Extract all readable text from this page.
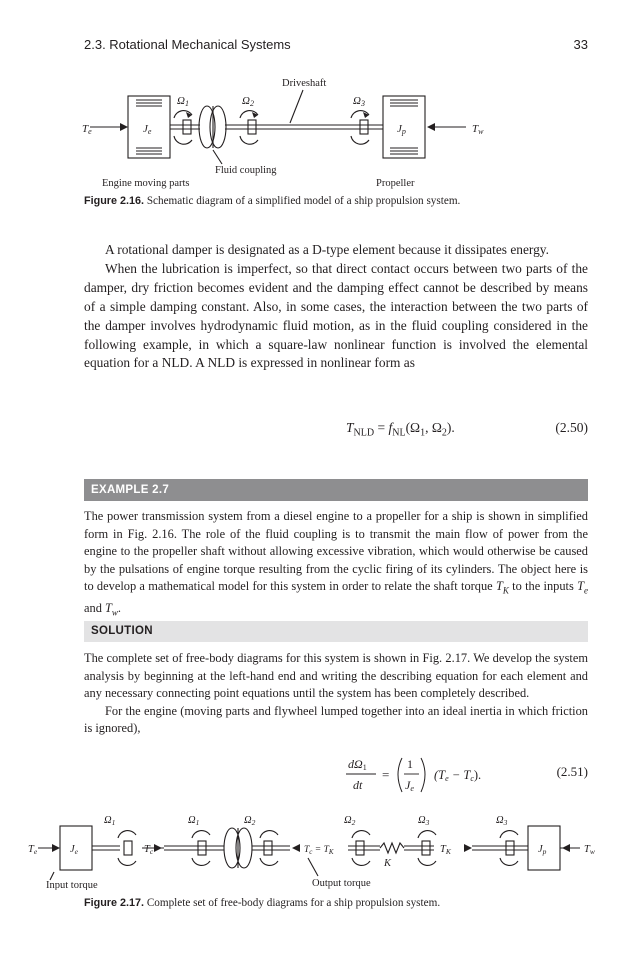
2.3. Rotational Mechanical Systems	33
Driveshaft
Ω1	Ω2	Ω3
Te	Je	Jp	Tw
Fluid coupling
Engine moving parts	Propeller
Figure 2.16. Schematic diagram of a simplified model of a ship propulsion system.

A rotational damper is designated as a D-type element because it dissipates energy.

When the lubrication is imperfect, so that direct contact occurs between two parts of the damper, dry friction becomes evident and the damping effect cannot be described by means of a simple damping constant. Also, in some cases, the interaction between the two parts of the damper involves hydrodynamic fluid motion, as in the fluid coupling considered in the following example, in which a square-law nonlinear function is involved the elemental equation for a NLD. A NLD is expressed in nonlinear form as

$T_{NLD} = f_{NL}(\Omega_1$, $\Omega_2$).	(2.50)
EXAMPLE 2.7

The power transmission system from a diesel engine to a propeller for a ship is shown in simplified form in Fig. 2.16. The role of the fluid coupling is to transmit the main flow of power from the engine to the propeller shaft without allowing excessive vibration, which would otherwise be caused by the pulsations of engine torque resulting from the cyclic firing of its cylinders. The object here is to develop a mathematical model for this system in order to relate the shaft torque $T_K$ to the inputs $T_e$ and $T_w$.

SOLUTION

The complete set of free-body diagrams for this system is shown in Fig. 2.17. We develop the system analysis by beginning at the left-hand end and writing the describing equation for each element and any necessary connecting point equations until the system has been completely described.

For the engine (moving parts and flywheel lumped together into an ideal inertia in which friction is ignored),

dΩ1
dt
=
1
Je
(Te − Tc).	(2.51)
Ω1	Ω1	Ω2	Ω2	Ω3	Ω3
Te	Je	Tc	$T_c = T_K$
K
TK	Jp	Tw
Input torque	Output torque
Figure 2.17. Complete set of free-body diagrams for a ship propulsion system.
